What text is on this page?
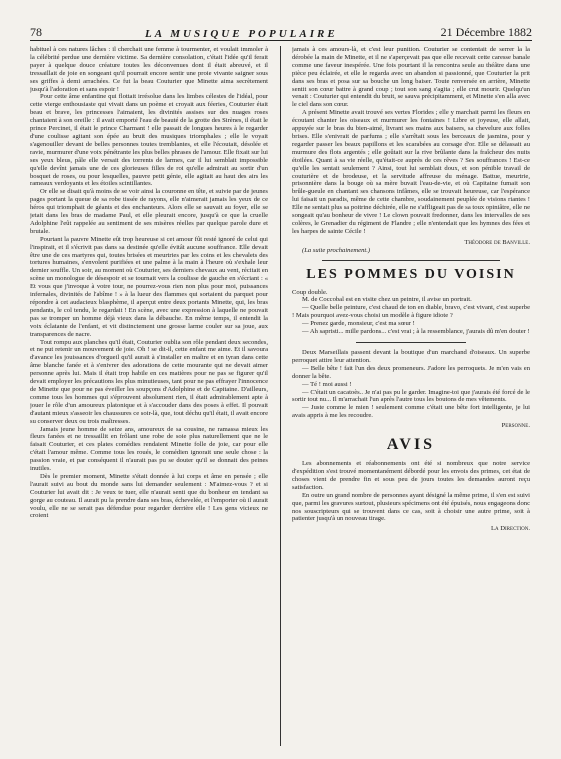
78	LA MUSIQUE POPULAIRE	21 Décembre 1882

habituel à ces natures lâches : il cherchait une femme à tourmenter, et voulait immoler à la célébrité perdue une dernière victime. Sa dernière consolation, c'était l'idée qu'il ferait payer à quelque douce créature toutes les déconvenues dont il était abreuvé, et il tressaillait de joie en songeant qu'il pourrait encore sentir une proie vivante saigner sous ses griffes à demi arrachées. Ce fut la beau Couturier que Minette aima secrètement jusqu'à l'adoration et sans espoir !

Pour cette âme enfantine qui flottait irrésolue dans les limbes célestes de l'idéal, pour cette vierge enthousiaste qui vivait dans un poème et croyait aux féeries, Couturier était beau et brave, les princesses l'aimaient, les divinités assises sur des nuages roses chantaient à son oreille : il avait emporté l'eau de beauté de la grotte des Sirènes, il était le prince Percinet, il était le prince Charmant ! elle passait de longues heures à le regarder d'une coulisse agitant son épée au bruit des musiques triomphales ; elle le voyait s'agenouiller devant de belles personnes toutes tremblantes, et elle l'écoutait, désolée et ravie, murmurer d'une voix pénétrante les plus belles phrases de l'amour. Elle fixait sur lui ses yeux bleus, pâle elle versait des torrents de larmes, car il lui semblait impossible qu'elle devînt jamais une de ces glorieuses filles de roi qu'elle admirait au sortir d'un bosquet de roses, ou pour lesquelles, pauvre petit génie, elle agitait au haut des airs les rameaux verdoyants et les étoiles scintillantes.

Or elle se disait qu'à moins de se voir ainsi la couronne en tête, et suivie par de jeunes pages portant la queue de sa robe tissée de rayons, elle n'aimerait jamais les yeux de ce héros qui triomphait de géants et des enchanteurs. Alors elle se sauvait au foyer, elle se jetait dans les bras de madame Paul, et elle pleurait encore, jusqu'à ce que la cruelle Adolphine l'eût rappelée au sentiment de ses misères réelles par quelque parole dure et brutale.

Pourtant la pauvre Minette eût trop heureuse si cet amour fût resté ignoré de celui qui l'inspirait, et il s'écrivit pas dans sa destinée qu'elle évitât aucune souffrance. Elle devait être une de ces martyres qui, toutes brisées et meurtries par les coins et les chevalets des tortures humaines, s'envolent purifiées et une palme à la main à l'heure où s'exhale leur dernier souffle. Un soir, au moment où Couturier, ses derniers chevaux au vent, récitait en scène un monologue de désespoir et se tournait vers la coulisse de gauche en s'écriant : « Et vous que j'invoque à votre tour, ne pourrez-vous rien non plus pour moi, puissances infernales, divinités de l'abîme ! » à la lueur des flammes qui sortaient du parquet pour répondre à cet audacieux blasphème, il aperçut entre deux portants Minette, qui, les bras pendants, le col tendu, le regardait ! En scène, avec une expression à laquelle ne pouvait pas se tromper un homme déjà vieux dans la débauche. En même temps, il entendit la voix éclatante de l'enfant, et vit distinctement une grosse larme couler sur sa joue, aux transparences de nacre.

Tout rompu aux planches qu'il était, Couturier oublia son rôle pendant deux secondes, et ne put retenir un mouvement de joie. Oh ! se dit-il, cette enfant me aime. Et il savoura d'avance les jouissances d'orgueil qu'il aurait à s'installer en maître et en tyran dans cette âme blanche fanée et à s'enivrer des adorations de cette mourante qui ne devait aimer personne après lui. Mais il était trop habile en ces matières pour ne pas se figurer qu'il devait employer les précautions les plus minutieuses, tant pour ne pas effrayer l'innocence de Minette que pour ne pas éveiller les soupçons d'Adolphine et de Capitaine. D'ailleurs, comme tous les hommes qui s'éprouvent absolument rien, il était admirablement apte à jouer le rôle d'un amoureux platonique et à s'accouder dans des poses à effet. Il pouvait d'autant mieux s'asseoir les chaussures ce soir-là, que, tout déchu qu'il était, il avait encore su conserver deux ou trois maîtresses.

Jamais jeune homme de seize ans, amoureux de sa cousine, ne ramassa mieux les fleurs fanées et ne tressaillit en frôlant une robe de soie plus naturellement que ne le faisait Couturier, et ces plates comédies rendaient Minette folle de joie, car pour elle c'était l'amour même. Comme tous les roués, le comédien ignorait une seule chose : la passion vraie, et par conséquent il n'aurait pas pu se douter qu'il se donnait des peines inutiles.

Dès le premier moment, Minette s'était donnée à lui corps et âme en pensée ; elle l'aurait suivi au bout du monde sans lui demander seulement : M'aimez-vous ? et si Couturier lui avait dit : Je veux te tuer, elle n'aurait senti que du bonheur en tendant sa gorge au couteau. Il aurait pu la prendre dans ses bras, échevelée, et l'emporter où il aurait voulu, elle ne se serait pas défendue pour regarder derrière elle ! Les gens vicieux ne croient

jamais à ces amours-là, et c'est leur punition. Couturier se contentait de serrer la la dérobée la main de Minette, et il ne s'aperçevait pas que elle recevait cette caresse banale comme une faveur inespérée. Une fois pourtant il la rencontra seule au théâtre dans une pièce peu éclairée, et elle le regarda avec un abandon si passionné, que Couturier la prit dans ses bras et posa sur sa bouche un long baiser. Toute renversée en arrière, Minette sentit son cœur battre à grand coup ; tout son sang s'agita ; elle crut mourir. Quelqu'un venait : Couturier qui entendit du bruit, se sauva précipitamment, et Minette s'en alla avec le ciel dans son cœur.

A présent Minette avait trouvé ses vertes Florides ; elle y marchait parmi les fleurs en écoutant chanter les oiseaux et murmurer les fontaines ! Libre et joyeuse, elle allait, appuyée sur le bras du bien-aimé, livrant ses mains aux baisers, sa chevelure aux folles brises. Elle s'enivrait de parfums ; elle s'arrêtait sous les berceaux de jasmins, pour y regarder passer les beaux papillons et les scarabées au corsage d'or. Elle se délassait au murmure des flots argentés ; elle goûtait sur la rive brûlante dans la fraîcheur des nuits étoilées. Quant à sa vie réelle, qu'était-ce auprès de ces rêves ? Ses souffrances ! Est-ce qu'elle les sentait seulement ? Ainsi, tout lui semblait doux, et son pénible travail de couturière et de brodeuse, et la servitude affreuse du ménage. Battue, meurtrie, prisonnière dans la bouge où sa mère buvait l'eau-de-vie, et où Capitaine fumait son brûle-gueule en chantant ses chansons infâmes, elle se trouvait heureuse, car l'espérance lui faisait un paradis, même de cette chambre, soudainement peuplée de visions riantes ! Elle ne sentait plus sa poitrine déchirée, elle ne s'affligeait pas de sa toux opiniâtre, elle ne songeait qu'au bonheur de vivre ! Le clown pouvait fredonner, dans les intervalles de ses colères, le Grenadier du régiment de Flandre ; elle n'entendait que les hymnes des fées et les harpes de sainte Cécile !

Théodore de Banville.

(La suite prochainement.)

LES POMMES DU VOISIN

Coup double.

M. de Coccobal est en visite chez un peintre, il avise un portrait.

— Quelle belle peinture, c'est chaud de ton en diable, bravo, c'est vivant, c'est superbe ! Mais pourquoi avez-vous choisi un modèle à figure idiote ?

— Prenez garde, monsieur, c'est ma sœur !

— Ah sapristi... mille pardons... c'est vrai ; à la ressemblance, j'aurais dû m'en douter !

Deux Marseillais passent devant la boutique d'un marchand d'oiseaux. Un superbe perroquet attire leur attention.

— Belle bête ! fait l'un des deux promeneurs. J'adore les perroquets. Je m'en vais en donner la bête.

— Té ! moi aussi !

— C'était un cacatoès.. Je n'ai pas pu le garder. Imagine-toi que j'aurais été forcé de le sortir tout nu... Il m'arrachait l'un après l'autre tous les boutons de mes vêtements.

— Juste comme le mien ! seulement comme c'était une bête fort intelligente, je lui avais appris à me les recoudre.

Personne.
AVIS

Les abonnements et réabonnements ont été si nombreux que notre service d'expédition s'est trouvé momentanément débordé pour les envois des primes, cet état de choses vient de prendre fin et sous peu de jours toutes les demandes auront reçu satisfaction.

En outre un grand nombre de personnes ayant désigné la même prime, il s'en est suivi que, parmi les gravures surtout, plusieurs spécimens ont été épuisés, nous engageons donc nos souscripteurs qui se trouvent dans ce cas, soit à choisir une autre prime, soit à patienter jusqu'à un nouveau tirage.

La Direction.
